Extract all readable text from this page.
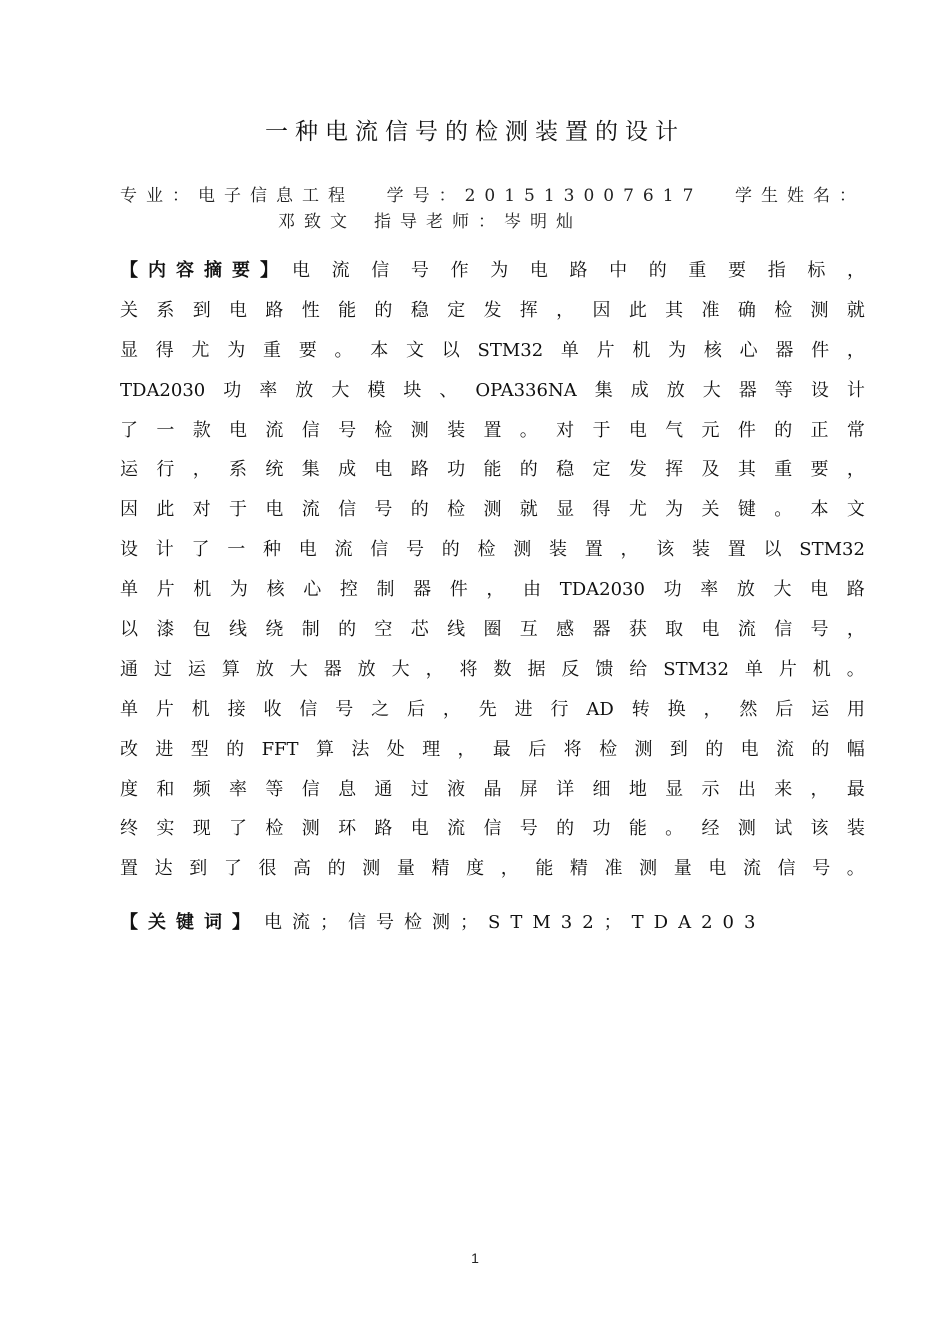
一种电流信号的检测装置的设计
专业：电子信息工程 学号：201513007617 学生姓名：
邓致文 指导老师：岑明灿
【内容摘要】 电 流 信 号 作 为 电 路 中 的 重 要 指 标 ，
关 系 到 电 路 性 能 的 稳 定 发 挥 ， 因 此 其 准 确 检 测 就
显 得 尤 为 重 要 。 本 文 以 STM32 单 片 机 为 核 心 器 件 ，
TDA2030 功 率 放 大 模 块 、 OPA336NA 集 成 放 大 器 等 设 计
了 一 款 电 流 信 号 检 测 装 置 。 对 于 电 气 元 件 的 正 常
运 行 ， 系 统 集 成 电 路 功 能 的 稳 定 发 挥 及 其 重 要 ，
因 此 对 于 电 流 信 号 的 检 测 就 显 得 尤 为 关 键 。 本 文
设 计 了 一 种 电 流 信 号 的 检 测 装 置 ， 该 装 置 以 STM32
单 片 机 为 核 心 控 制 器 件 ， 由 TDA2030 功 率 放 大 电 路
以 漆 包 线 绕 制 的 空 芯 线 圈 互 感 器 获 取 电 流 信 号 ，
通 过 运 算 放 大 器 放 大 ， 将 数 据 反 馈 给 STM32 单 片 机 。
单 片 机 接 收 信 号 之 后 ， 先 进 行 AD 转 换 ， 然 后 运 用
改 进 型 的 FFT 算 法 处 理 ， 最 后 将 检 测 到 的 电 流 的 幅
度 和 频 率 等 信 息 通 过 液 晶 屏 详 细 地 显 示 出 来 ， 最
终 实 现 了 检 测 环 路 电 流 信 号 的 功 能 。 经 测 试 该 装
置 达 到 了 很 高 的 测 量 精 度 ， 能 精 准 测 量 电 流 信 号 。
【关键词】 电流；信号检测；STM32；TDA203
1
